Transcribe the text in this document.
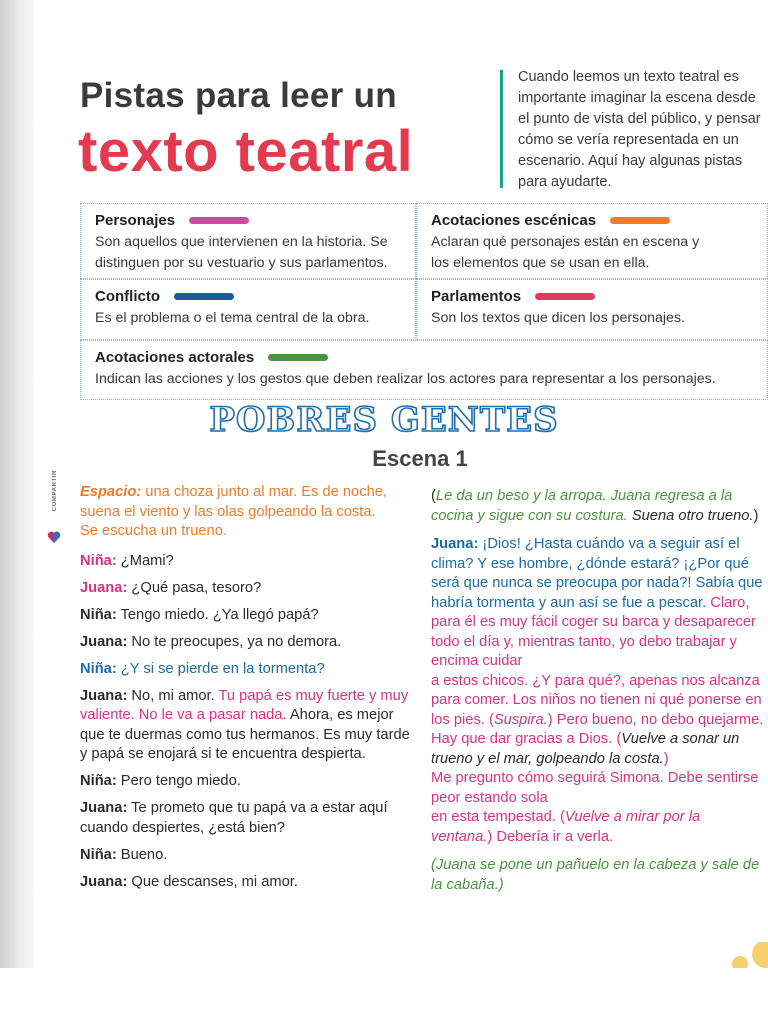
Pistas para leer un
texto teatral
Cuando leemos un texto teatral es importante imaginar la escena desde el punto de vista del público, y pensar cómo se vería representada en un escenario. Aquí hay algunas pistas para ayudarte.
Personajes
Son aquellos que intervienen en la historia. Se distinguen por su vestuario y sus parlamentos.
Acotaciones escénicas
Aclaran qué personajes están en escena y los elementos que se usan en ella.
Conflicto
Es el problema o el tema central de la obra.
Parlamentos
Son los textos que dicen los personajes.
Acotaciones actorales
Indican las acciones y los gestos que deben realizar los actores para representar a los personajes.
POBRES GENTES
Escena 1
COMPARTIR Espacio: una choza junto al mar. Es de noche, suena el viento y las olas golpeando la costa.
Se escucha un trueno.

Niña: ¿Mami?

Juana: ¿Qué pasa, tesoro?

Niña: Tengo miedo. ¿Ya llegó papá?

Juana: No te preocupes, ya no demora.

Niña: ¿Y si se pierde en la tormenta?

Juana: No, mi amor. Tu papá es muy fuerte y muy valiente. No le va a pasar nada. Ahora, es mejor que te duermas como tus hermanos. Es muy tarde y papá se enojará si te encuentra despierta.

Niña: Pero tengo miedo.

Juana: Te prometo que tu papá va a estar aquí cuando despiertes, ¿está bien?

Niña: Bueno.

Juana: Que descanses, mi amor.

(Le da un beso y la arropa. Juana regresa a la cocina y sigue con su costura. Suena otro trueno.)

Juana: ¡Dios! ¿Hasta cuándo va a seguir así el clima? Y ese hombre, ¿dónde estará? ¡¿Por qué será que nunca se preocupa por nada?! Sabía que habría tormenta y aun así se fue a pescar. Claro, para él es muy fácil coger su barca y desaparecer todo el día y, mientras tanto, yo debo trabajar y encima cuidar
a estos chicos. ¿Y para qué?, apenas nos alcanza para comer. Los niños no tienen ni qué ponerse en los pies. (Suspira.) Pero bueno, no debo quejarme. Hay que dar gracias a Dios. (Vuelve a sonar un trueno y el mar, golpeando la costa.)
Me pregunto cómo seguirá Simona. Debe sentirse peor estando sola
en esta tempestad. (Vuelve a mirar por la ventana.) Debería ir a verla.

(Juana se pone un pañuelo en la cabeza y sale de la cabaña.)
